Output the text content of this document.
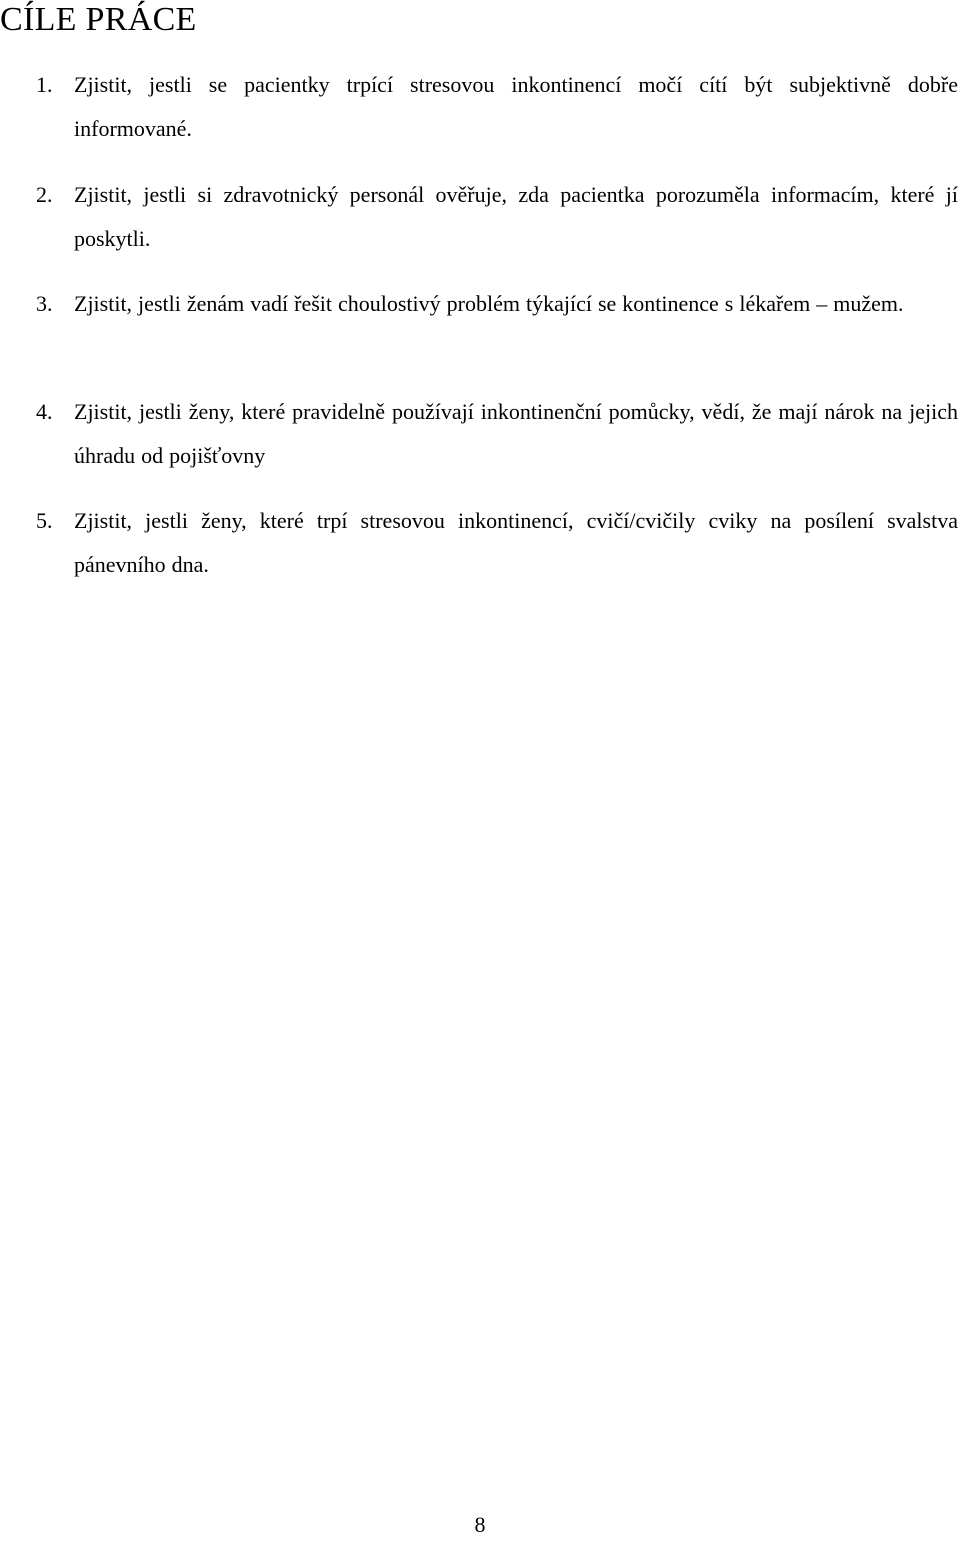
CÍLE PRÁCE
1. Zjistit, jestli se pacientky trpící stresovou inkontinencí močí cítí být subjektivně dobře informované.
2. Zjistit, jestli si zdravotnický personál ověřuje, zda pacientka porozuměla informacím, které jí poskytli.
3. Zjistit, jestli ženám vadí řešit choulostivý problém týkající se kontinence s lékařem – mužem.
4. Zjistit, jestli ženy, které pravidelně používají inkontinenční pomůcky, vědí, že mají nárok na jejich úhradu od pojišťovny
5. Zjistit, jestli ženy, které trpí stresovou inkontinencí, cvičí/cvičily cviky na posílení svalstva pánevního dna.
8
